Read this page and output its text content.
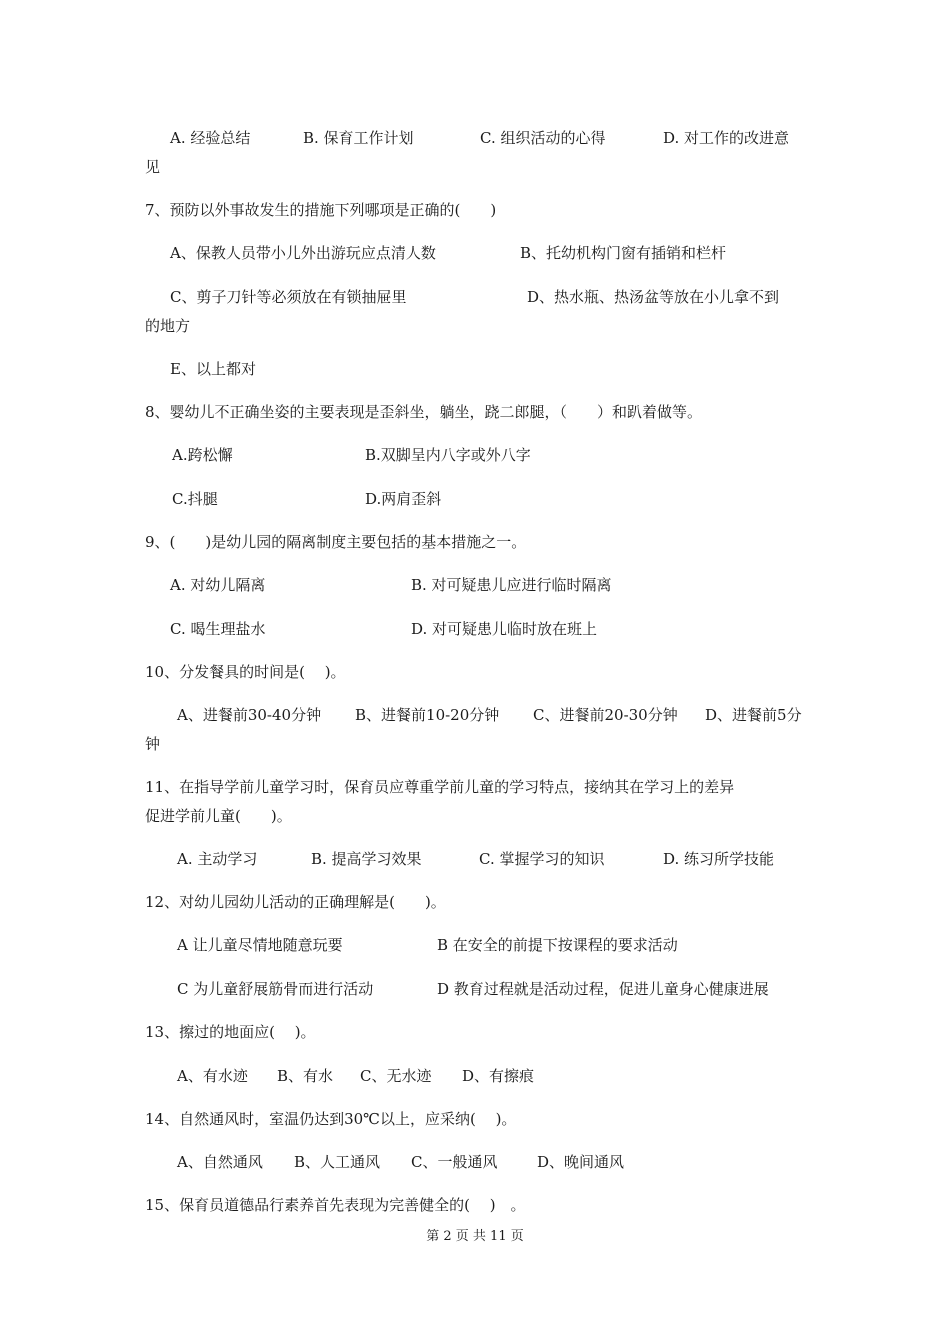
A. 经验总结	B. 保育工作计划	C. 组织活动的心得	D. 对工作的改进意
见
7、预防以外事故发生的措施下列哪项是正确的(　　)
A、保教人员带小儿外出游玩应点清人数	B、托幼机构门窗有插销和栏杆
C、剪子刀针等必须放在有锁抽屉里	D、热水瓶、热汤盆等放在小儿拿不到
的地方
E、以上都对
8、婴幼儿不正确坐姿的主要表现是歪斜坐，躺坐，跷二郎腿，（　　）和趴着做等。
A.跨松懈	B.双脚呈内八字或外八字
C.抖腿	D.两肩歪斜
9、(　　)是幼儿园的隔离制度主要包括的基本措施之一。
A. 对幼儿隔离	B. 对可疑患儿应进行临时隔离
C. 喝生理盐水	D. 对可疑患儿临时放在班上
10、分发餐具的时间是(　 )。
A、进餐前30-40分钟 B、进餐前10-20分钟 C、进餐前20-30分钟 D、进餐前5分
钟
11、在指导学前儿童学习时，保育员应尊重学前儿童的学习特点，接纳其在学习上的差异
促进学前儿童(　　)。
A. 主动学习	B. 提高学习效果	C. 掌握学习的知识	D. 练习所学技能
12、对幼儿园幼儿活动的正确理解是(　　)。
A 让儿童尽情地随意玩要	B 在安全的前提下按课程的要求活动
C 为儿童舒展筋骨而进行活动	D 教育过程就是活动过程，促进儿童身心健康进展
13、擦过的地面应(　 )。
A、有水迹 B、有水 C、无水迹 D、有擦痕
14、自然通风时，室温仍达到30℃以上，应采纳(　 )。
A、自然通风 B、人工通风 C、一般通风	D、晚间通风
15、保育员道德品行素养首先表现为完善健全的(　 )　。
第 2 页 共 11 页
